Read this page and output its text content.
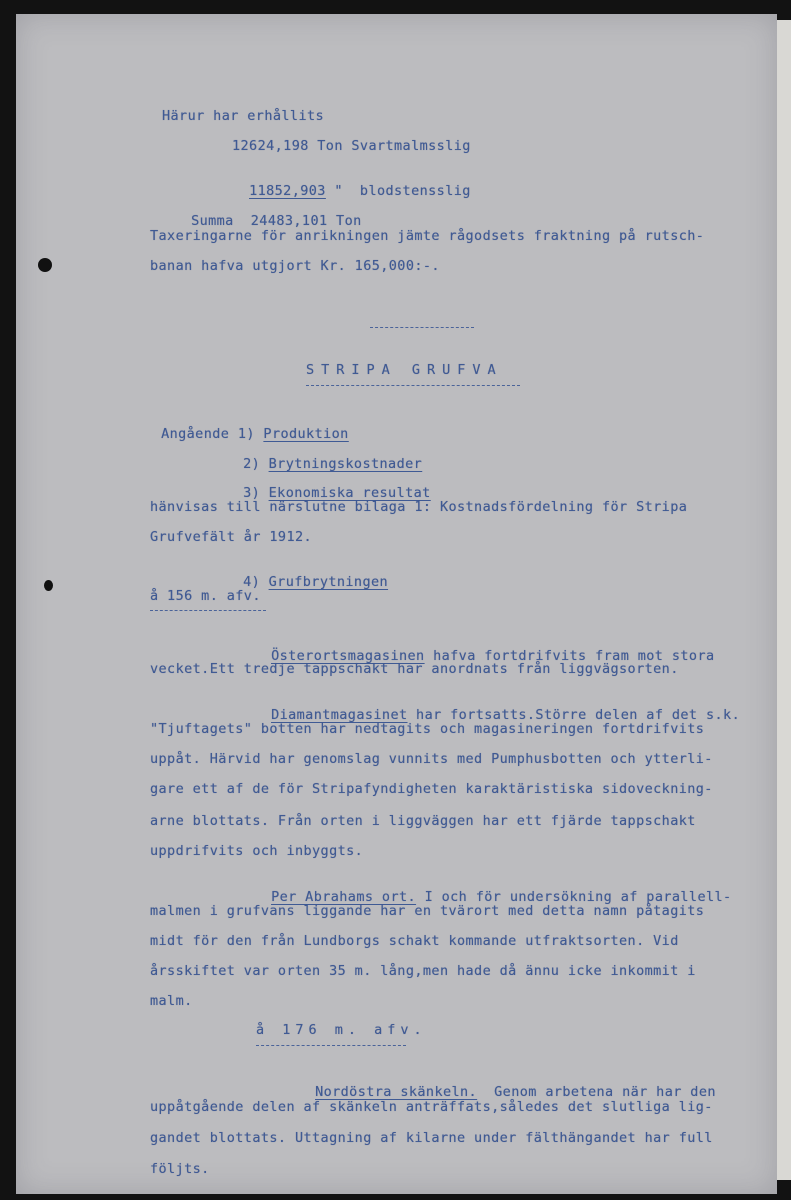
Härur har erhållits
12624,198 Ton Svartmalmsslig

11852,903 "  blodstensslig

Summa 24483,101 Ton

Taxeringarne för anrikningen jämte rågodsets fraktning på rutsch-
banan hafva utgjort Kr. 165,000:-.
STRIPA GRUFVA

Angående 1) Produktion

2) Brytningskostnader

3) Ekonomiska resultat

hänvisas till närslutne bilaga 1: Kostnadsfördelning för Stripa
Grufvefält år 1912.

4) Grufbrytningen

å 156 m. afv.

Österortsmagasinen hafva fortdrifvits fram mot stora

vecket.Ett tredje tappschakt har anordnats från liggvägsorten.

Diamantmagasinet har fortsatts.Större delen af det s.k.

"Tjuftagets" botten har nedtagits och magasineringen fortdrifvits
uppåt. Härvid har genomslag vunnits med Pumphusbotten och ytterli-
gare ett af de för Stripafyndigheten karaktäristiska sidoveckning-
arne blottats. Från orten i liggväggen har ett fjärde tappschakt
uppdrifvits och inbyggts.

Per Abrahams ort. I och för undersökning af parallell-

malmen i grufvans liggande har en tvärort med detta namn påtagits
midt för den från Lundborgs schakt kommande utfraktsorten. Vid
årsskiftet var orten 35 m. lång,men hade då ännu icke inkommit i
malm.
å 176 m. afv.

Nordöstra skänkeln.  Genom arbetena när har den

uppåtgående delen af skänkeln anträffats,således det slutliga lig-
gandet blottats. Uttagning af kilarne under fälthängandet har full
följts.
